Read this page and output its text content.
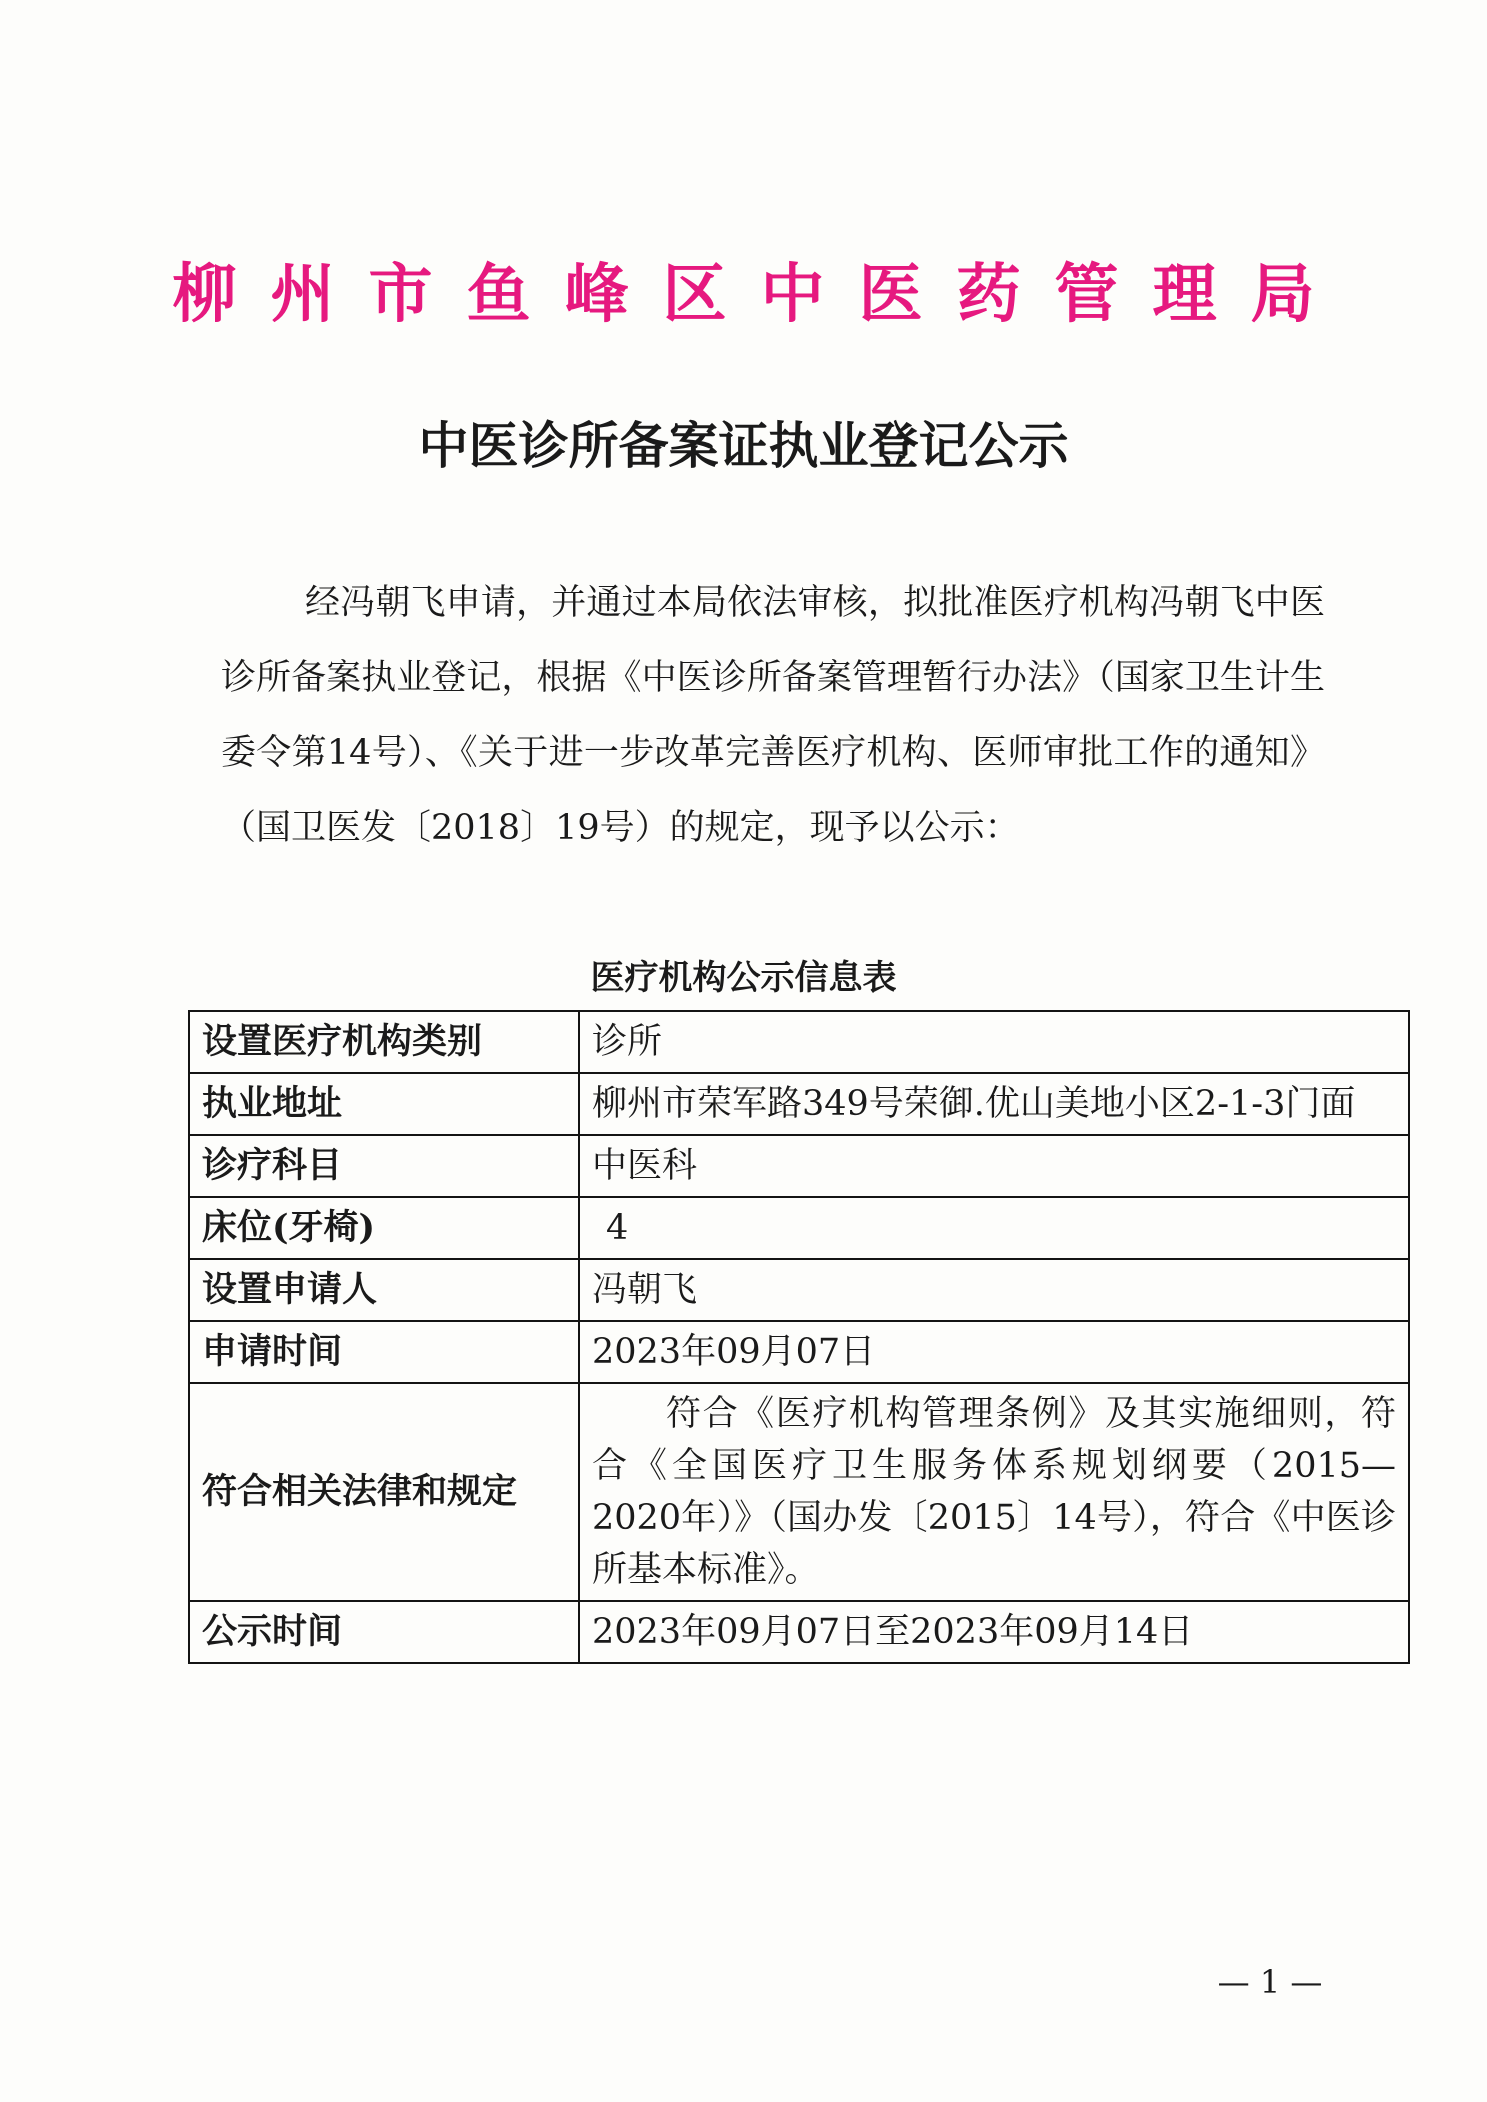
柳州市鱼峰区中医药管理局
中医诊所备案证执业登记公示

经冯朝飞申请，并通过本局依法审核，拟批准医疗机构冯朝飞中医诊所备案执业登记，根据《中医诊所备案管理暂行办法》（国家卫生计生委令第14号）、《关于进一步改革完善医疗机构、医师审批工作的通知》（国卫医发〔2018〕19号）的规定，现予以公示：

医疗机构公示信息表
设置医疗机构类别	诊所
执业地址	柳州市荣军路349号荣御.优山美地小区2-1-3门面
诊疗科目	中医科
床位(牙椅)	4
设置申请人	冯朝飞
申请时间	2023年09月07日
符合相关法律和规定	符合《医疗机构管理条例》及其实施细则，符合《全国医疗卫生服务体系规划纲要（2015—2020年）》（国办发〔2015〕14号），符合《中医诊所基本标准》。

公示时间	2023年09月07日至2023年09月14日
— 1 —
